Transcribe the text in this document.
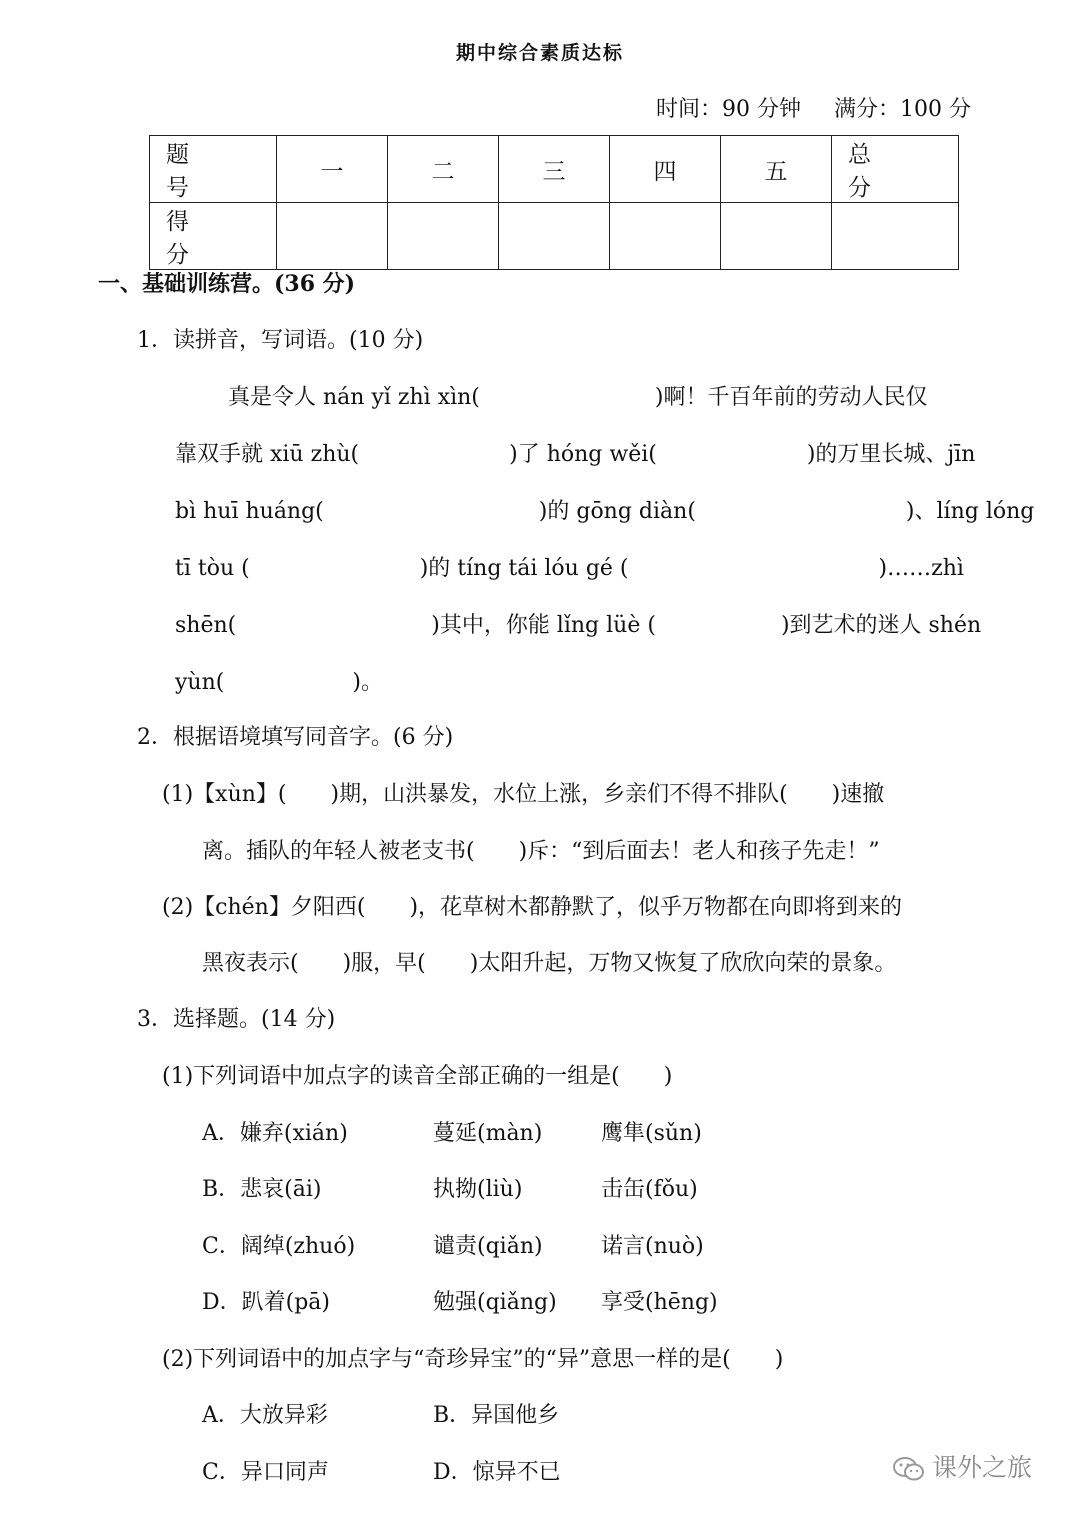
期中综合素质达标
时间：90 分钟 满分：100 分
题 号	一	二	三	四	五	总 分
得 分						
一、基础训练营。(36 分)
1．读拼音，写词语。(10 分)
真是令人 nán yǐ zhì xìn(	)啊！千百年前的劳动人民仅
靠双手就 xiū zhù(	)了 hóng wěi(	)的万里长城、jīn
bì huī huáng(	)的 gōng diàn(	)、líng lóng
tī tòu (	)的 tíng tái lóu gé (	)……zhì
shēn(	)其中，你能 lǐng lüè (	)到艺术的迷人 shén
yùn(	)。
2．根据语境填写同音字。(6 分)
(1)【xùn】( )期，山洪暴发，水位上涨，乡亲们不得不排队( )速撤
离。插队的年轻人被老支书( )斥：“到后面去！老人和孩子先走！”
(2)【chén】夕阳西( )，花草树木都静默了，似乎万物都在向即将到来的
黑夜表示( )服，早( )太阳升起，万物又恢复了欣欣向荣的景象。
3．选择题。(14 分)
(1)下列词语中加点字的读音全部正确的一组是(　　)
A．嫌弃(xián)	蔓延(màn)	鹰隼(sǔn)
B．悲哀(āi)	执拗(liù)	击缶(fǒu)
C．阔绰(zhuó)	谴责(qiǎn)	诺言(nuò)
D．趴着(pā)	勉强(qiǎng) 享受(hēng)
(2)下列词语中的加点字与“奇珍异宝”的“异”意思一样的是(　　)
A．大放异彩	B．异国他乡
C．异口同声	D．惊异不已	课外之旅
